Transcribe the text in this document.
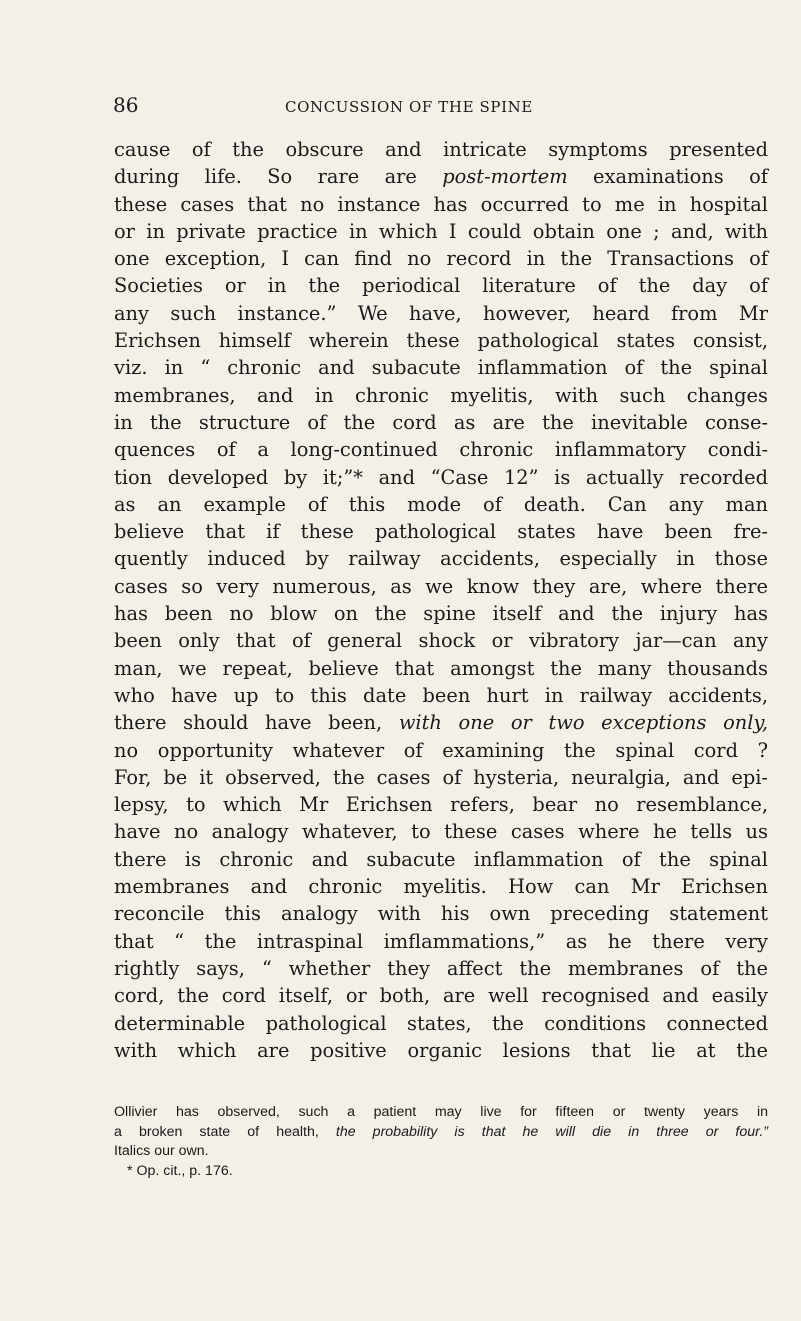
86	CONCUSSION OF THE SPINE
cause of the obscure and intricate symptoms presented
during life. So rare are post-mortem examinations of
these cases that no instance has occurred to me in hospital
or in private practice in which I could obtain one ; and, with
one exception, I can find no record in the Transactions of
Societies or in the periodical literature of the day of
any such instance.” We have, however, heard from Mr
Erichsen himself wherein these pathological states consist,
viz. in “ chronic and subacute inflammation of the spinal
membranes, and in chronic myelitis, with such changes
in the structure of the cord as are the inevitable conse-
quences of a long-continued chronic inflammatory condi-
tion developed by it;”* and “Case 12” is actually recorded
as an example of this mode of death. Can any man
believe that if these pathological states have been fre-
quently induced by railway accidents, especially in those
cases so very numerous, as we know they are, where there
has been no blow on the spine itself and the injury has
been only that of general shock or vibratory jar—can any
man, we repeat, believe that amongst the many thousands
who have up to this date been hurt in railway accidents,
there should have been, with one or two exceptions only,
no opportunity whatever of examining the spinal cord ?
For, be it observed, the cases of hysteria, neuralgia, and epi-
lepsy, to which Mr Erichsen refers, bear no resemblance,
have no analogy whatever, to these cases where he tells us
there is chronic and subacute inflammation of the spinal
membranes and chronic myelitis. How can Mr Erichsen
reconcile this analogy with his own preceding statement
that “ the intraspinal imflammations,” as he there very
rightly says, “ whether they affect the membranes of the
cord, the cord itself, or both, are well recognised and easily
determinable pathological states, the conditions connected
with which are positive organic lesions that lie at the
Ollivier has observed, such a patient may live for fifteen or twenty years in
a broken state of health, the probability is that he will die in three or four.”
Italics our own.
* Op. cit., p. 176.
